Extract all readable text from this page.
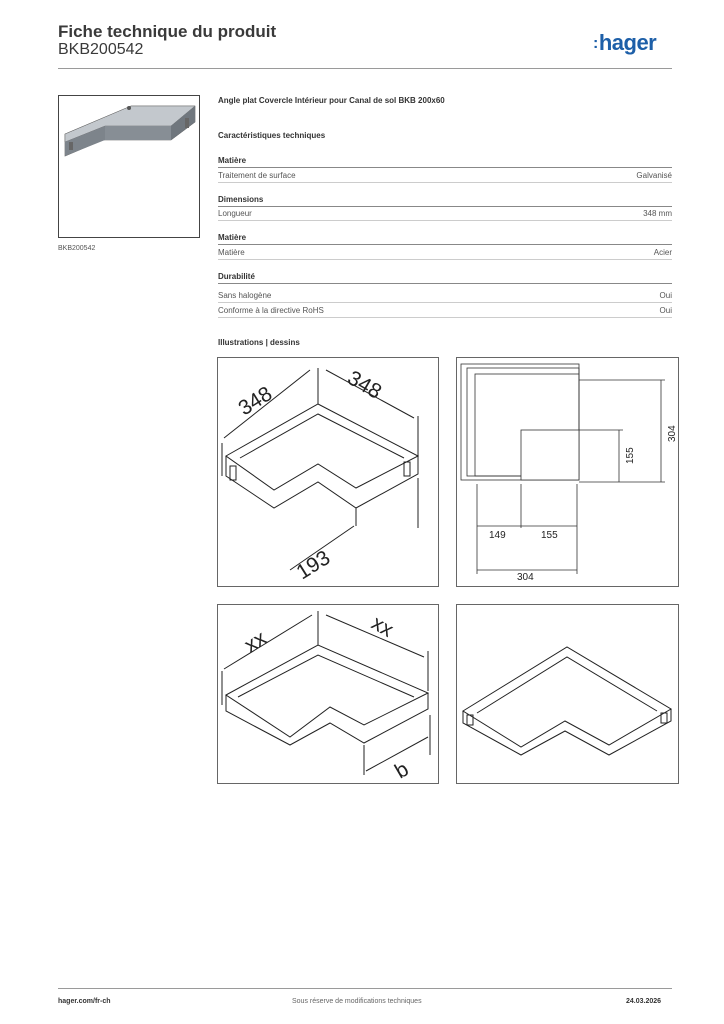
Fiche technique du produit
BKB200542	:hager
BKB200542
Angle plat Covercle Intérieur pour Canal de sol BKB 200x60
Caractéristiques techniques
Matière
Traitement de surface	Galvanisé
Dimensions
Longueur	348 mm
Matière
Matière	Acier
Durabilité
Sans halogène	Oui
Conforme à la directive RoHS	Oui
Illustrations | dessins
348	348
193
304
155
149	155
304
xx	xx
b
hager.com/fr-ch	Sous réserve de modifications techniques	24.03.2026
